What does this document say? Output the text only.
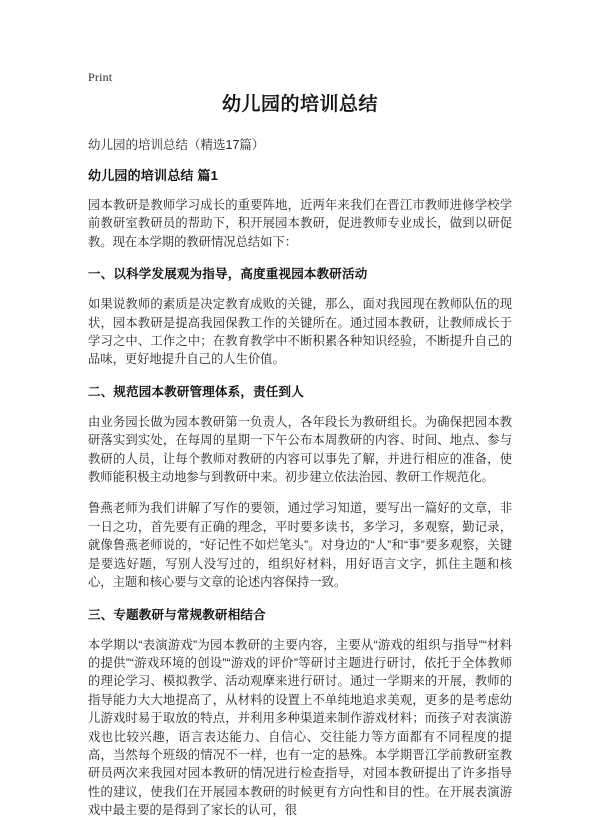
Print
幼儿园的培训总结

幼儿园的培训总结（精选17篇）

幼儿园的培训总结 篇1

园本教研是教师学习成长的重要阵地，近两年来我们在晋江市教师进修学校学前教研室教研员的帮助下，积开展园本教研，促进教师专业成长，做到以研促教。现在本学期的教研情况总结如下：

一、以科学发展观为指导，高度重视园本教研活动

如果说教师的素质是决定教育成败的关键，那么，面对我园现在教师队伍的现状，园本教研是提高我园保教工作的关键所在。通过园本教研，让教师成长于学习之中、工作之中；在教育教学中不断积累各种知识经验，不断提升自己的品味，更好地提升自己的人生价值。

二、规范园本教研管理体系，责任到人

由业务园长做为园本教研第一负责人，各年段长为教研组长。为确保把园本教研落实到实处，在每周的星期一下午公布本周教研的内容、时间、地点、参与教研的人员，让每个教师对教研的内容可以事先了解，并进行相应的准备，使教师能积极主动地参与到教研中来。初步建立依法治园、教研工作规范化。

鲁燕老师为我们讲解了写作的要领，通过学习知道，要写出一篇好的文章，非一日之功，首先要有正确的理念，平时要多读书，多学习，多观察，勤记录，就像鲁燕老师说的，“好记性不如烂笔头”。对身边的“人”和“事”要多观察，关键是要选好题，写别人没写过的，组织好材料，用好语言文字，抓住主题和核心，主题和核心要与文章的论述内容保持一致。

三、专题教研与常规教研相结合

本学期以“表演游戏”为园本教研的主要内容，主要从“游戏的组织与指导”“材料的提供”“游戏环境的创设”“游戏的评价”等研讨主题进行研讨，依托于全体教师的理论学习、模拟教学、活动观摩来进行研讨。通过一学期来的开展，教师的指导能力大大地提高了，从材料的设置上不单纯地追求美观，更多的是考虑幼儿游戏时易于取放的特点，并利用多种渠道来制作游戏材料；而孩子对表演游戏也比较兴趣，语言表达能力、自信心、交往能力等方面都有不同程度的提高，当然每个班级的情况不一样，也有一定的悬殊。本学期晋江学前教研室教研员两次来我园对园本教研的情况进行检查指导，对园本教研提出了许多指导性的建议，使我们在开展园本教研的时候更有方向性和目的性。在开展表演游戏中最主要的是得到了家长的认可，很
